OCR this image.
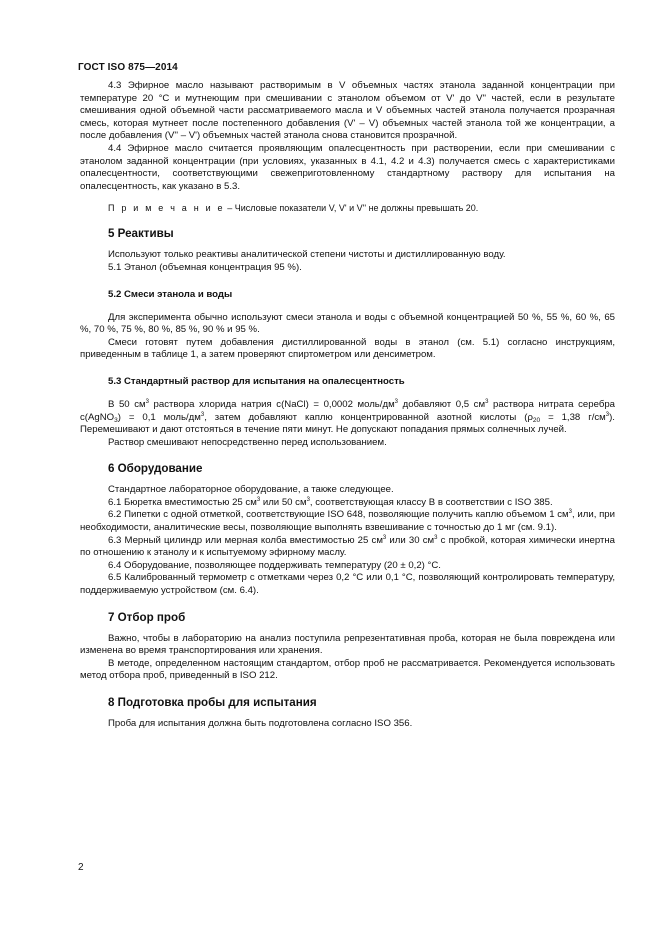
ГОСТ ISO 875—2014

4.3 Эфирное масло называют растворимым в V объемных частях этанола заданной концентрации при температуре 20 °С и мутнеющим при смешивании с этанолом объемом от V' до V'' частей, если в результате смешивания одной объемной части рассматриваемого масла и V объемных частей этанола получается прозрачная смесь, которая мутнеет после постепенного добавления (V' – V) объемных частей этанола той же концентрации, а после добавления (V'' – V') объемных частей этанола снова становится прозрачной.

4.4 Эфирное масло считается проявляющим опалесцентность при растворении, если при смешивании с этанолом заданной концентрации (при условиях, указанных в 4.1, 4.2 и 4.3) получается смесь с характеристиками опалесцентности, соответствующими свежеприготовленному стандартному раствору для испытания на опалесцентность, как указано в 5.3.

П р и м е ч а н и е – Числовые показатели V, V' и V'' не должны превышать 20.
5 Реактивы

Используют только реактивы аналитической степени чистоты и дистиллированную воду.

5.1 Этанол (объемная концентрация 95 %).

5.2 Смеси этанола и воды

Для эксперимента обычно используют смеси этанола и воды с объемной концентрацией 50 %, 55 %, 60 %, 65 %, 70 %, 75 %, 80 %, 85 %, 90 % и 95 %.

Смеси готовят путем добавления дистиллированной воды в этанол (см. 5.1) согласно инструкциям, приведенным в таблице 1, а затем проверяют спиртометром или денсиметром.

5.3 Стандартный раствор для испытания на опалесцентность

В 50 $см^3$ раствора хлорида натрия c(NaCl) = 0,0002 моль/$дм^3$ добавляют 0,5 $см^3$ раствора нитрата серебра c(AgNO$_3$) = 0,1 моль/$дм^3$, затем добавляют каплю концентрированной азотной кислоты ($\rho_{20} = 1,38$ $г/см^3$). Перемешивают и дают отстояться в течение пяти минут. Не допускают попадания прямых солнечных лучей.

Раствор смешивают непосредственно перед использованием.

6 Оборудование

Стандартное лабораторное оборудование, а также следующее.

6.1 Бюретка вместимостью 25 $см^3$ или 50 $см^3$, соответствующая классу В в соответствии с ISO 385.

6.2 Пипетки с одной отметкой, соответствующие ISO 648, позволяющие получить каплю объемом 1 $см^3$, или, при необходимости, аналитические весы, позволяющие выполнять взвешивание с точностью до 1 мг (см. 9.1).

6.3 Мерный цилиндр или мерная колба вместимостью 25 $см^3$ или 30 $см^3$ с пробкой, которая химически инертна по отношению к этанолу и к испытуемому эфирному маслу.

6.4 Оборудование, позволяющее поддерживать температуру (20 ± 0,2) °С.

6.5 Калиброванный термометр с отметками через 0,2 °С или 0,1 °С, позволяющий контролировать температуру, поддерживаемую устройством (см. 6.4).

7 Отбор проб

Важно, чтобы в лабораторию на анализ поступила репрезентативная проба, которая не была повреждена или изменена во время транспортирования или хранения.

В методе, определенном настоящим стандартом, отбор проб не рассматривается. Рекомендуется использовать метод отбора проб, приведенный в ISO 212.

8 Подготовка пробы для испытания

Проба для испытания должна быть подготовлена согласно ISO 356.

2
